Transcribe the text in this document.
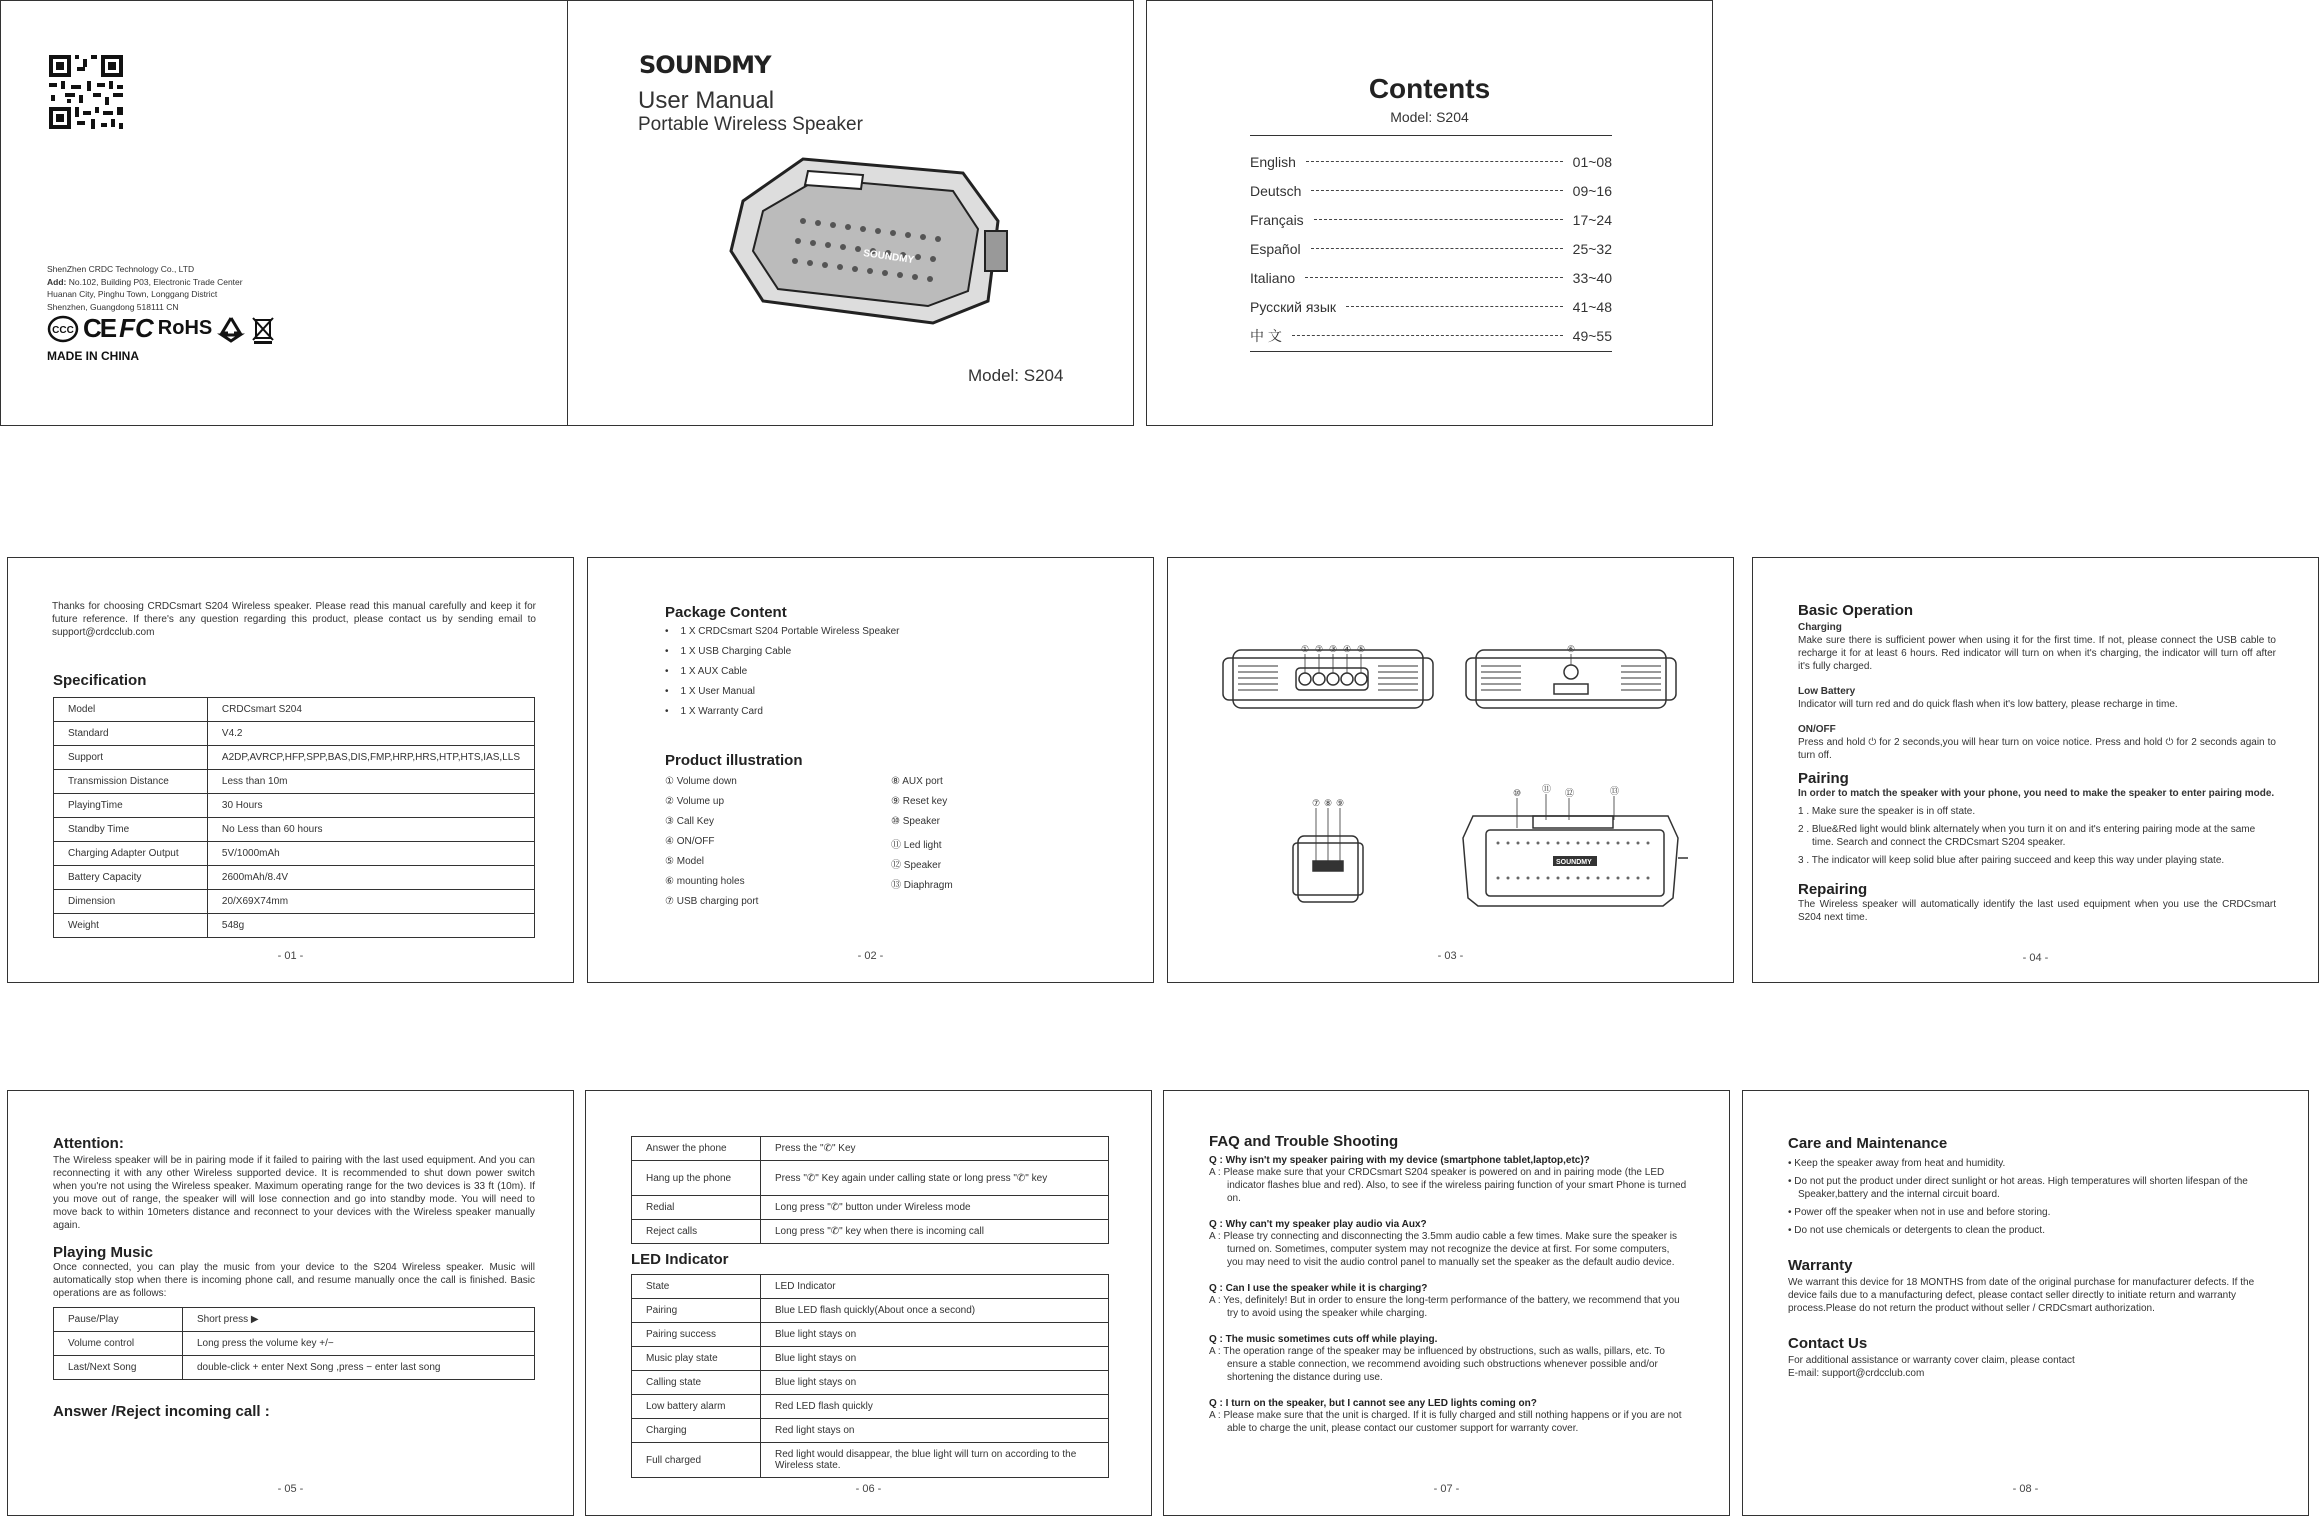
ShenZhen CRDC Technology Co., LTD
Add: No.102, Building P03, Electronic Trade Center
Huanan City, Pinghu Town, Longgang District
Shenzhen, Guangdong 518111 CN
CCC CE FC RoHS
MADE IN CHINA
SOUNDMY
User Manual
Portable Wireless Speaker
SOUNDMY
Model: S204
Contents
Model: S204
English	01~08
Deutsch	09~16
Français	17~24
Español	25~32
Italiano	33~40
Русский язык	41~48
中 文	49~55
Thanks for choosing CRDCsmart S204 Wireless speaker. Please read this manual carefully and keep it for future reference. If there's any question regarding this product, please contact us by sending email to support@crdcclub.com
Specification
Model	CRDCsmart S204
Standard	V4.2
Support	A2DP,AVRCP,HFP,SPP,BAS,DIS,FMP,HRP,HRS,HTP,HTS,IAS,LLS
Transmission Distance	Less than 10m
PlayingTime	30 Hours
Standby Time	No Less than 60 hours
Charging Adapter Output	5V/1000mAh
Battery Capacity	2600mAh/8.4V
Dimension	20/X69X74mm
Weight	548g
- 01 -
Package Content
• 1 X CRDCsmart S204 Portable Wireless Speaker
• 1 X USB Charging Cable
• 1 X AUX Cable
• 1 X User Manual
• 1 X Warranty Card
Product illustration
① Volume down
② Volume up
③ Call Key
④ ON/OFF
⑤ Model
⑥ mounting holes
⑦ USB charging port
⑧ AUX port
⑨ Reset key
⑩ Speaker
⑪ Led light
⑫ Speaker
⑬ Diaphragm
- 02 -
① ② ③ ④ ⑤	⑥
⑦ ⑧ ⑨
SOUNDMY
⑩ ⑪ ⑫	⑬
- 03 -
Basic Operation
Charging
Make sure there is sufficient power when using it for the first time. If not, please connect the USB cable to recharge it for at least 6 hours. Red indicator will turn on when it's charging, the indicator will turn off after it's fully charged.
Low Battery
Indicator will turn red and do quick flash when it's low battery, please recharge in time.
ON/OFF
Press and hold ⏻ for 2 seconds,you will hear turn on voice notice. Press and hold ⏻ for 2 seconds again to turn off.
Pairing
In order to match the speaker with your phone, you need to make the speaker to enter pairing mode.
1 . Make sure the speaker is in off state.
2 . Blue&Red light would blink alternately when you turn it on and it's entering pairing mode at the same time. Search and connect the CRDCsmart S204 speaker.
3 . The indicator will keep solid blue after pairing succeed and keep this way under playing state.
Repairing
The Wireless speaker will automatically identify the last used equipment when you use the CRDCsmart S204 next time.
- 04 -
Attention:
The Wireless speaker will be in pairing mode if it failed to pairing with the last used equipment. And you can reconnecting it with any other Wireless supported device. It is recommended to shut down power switch when you're not using the Wireless speaker. Maximum operating range for the two devices is 33 ft (10m). If you move out of range, the speaker will will lose connection and go into standby mode. You will need to move back to within 10meters distance and reconnect to your devices with the Wireless speaker manually again.
Playing Music
Once connected, you can play the music from your device to the S204 Wireless speaker. Music will automatically stop when there is incoming phone call, and resume manually once the call is finished. Basic operations are as follows:
Pause/Play	Short press ▶
Volume control	Long press the volume key +/−
Last/Next Song	double-click + enter Next Song ,press − enter last song
Answer /Reject incoming call :
- 05 -
Answer the phone	Press the "✆" Key
Hang up the phone	Press "✆" Key again under calling state or long press "✆" key
Redial	Long press "✆" button under Wireless mode
Reject calls	Long press "✆" key when there is incoming call
LED Indicator
State	LED Indicator
Pairing	Blue LED flash quickly(About once a second)
Pairing success	Blue light stays on
Music play state	Blue light stays on
Calling state	Blue light stays on
Low battery alarm	Red LED flash quickly
Charging	Red light stays on
Full charged	Red light would disappear, the blue light will turn on according to the Wireless state.
- 06 -
FAQ and Trouble Shooting
Q : Why isn't my speaker pairing with my device (smartphone tablet,laptop,etc)?
A : Please make sure that your CRDCsmart S204 speaker is powered on and in pairing mode (the LED indicator flashes blue and red). Also, to see if the wireless pairing function of your smart Phone is turned on.
Q : Why can't my speaker play audio via Aux?
A : Please try connecting and disconnecting the 3.5mm audio cable a few times. Make sure the speaker is turned on. Sometimes, computer system may not recognize the device at first. For some computers, you may need to visit the audio control panel to manually set the speaker as the default audio device.
Q : Can I use the speaker while it is charging?
A : Yes, definitely! But in order to ensure the long-term performance of the battery, we recommend that you try to avoid using the speaker while charging.
Q : The music sometimes cuts off while playing.
A : The operation range of the speaker may be influenced by obstructions, such as walls, pillars, etc. To ensure a stable connection, we recommend avoiding such obstructions whenever possible and/or shortening the distance during use.
Q : I turn on the speaker, but I cannot see any LED lights coming on?
A : Please make sure that the unit is charged. If it is fully charged and still nothing happens or if you are not able to charge the unit, please contact our customer support for warranty cover.
- 07 -
Care and Maintenance
• Keep the speaker away from heat and humidity.
• Do not put the product under direct sunlight or hot areas. High temperatures will shorten lifespan of the Speaker,battery and the internal circuit board.
• Power off the speaker when not in use and before storing.
• Do not use chemicals or detergents to clean the product.
Warranty
We warrant this device for 18 MONTHS from date of the original purchase for manufacturer defects. If the device fails due to a manufacturing defect, please contact seller directly to initiate return and warranty process.Please do not return the product without seller / CRDCsmart authorization.
Contact Us
For additional assistance or warranty cover claim, please contact
E-mail: support@crdcclub.com
- 08 -
